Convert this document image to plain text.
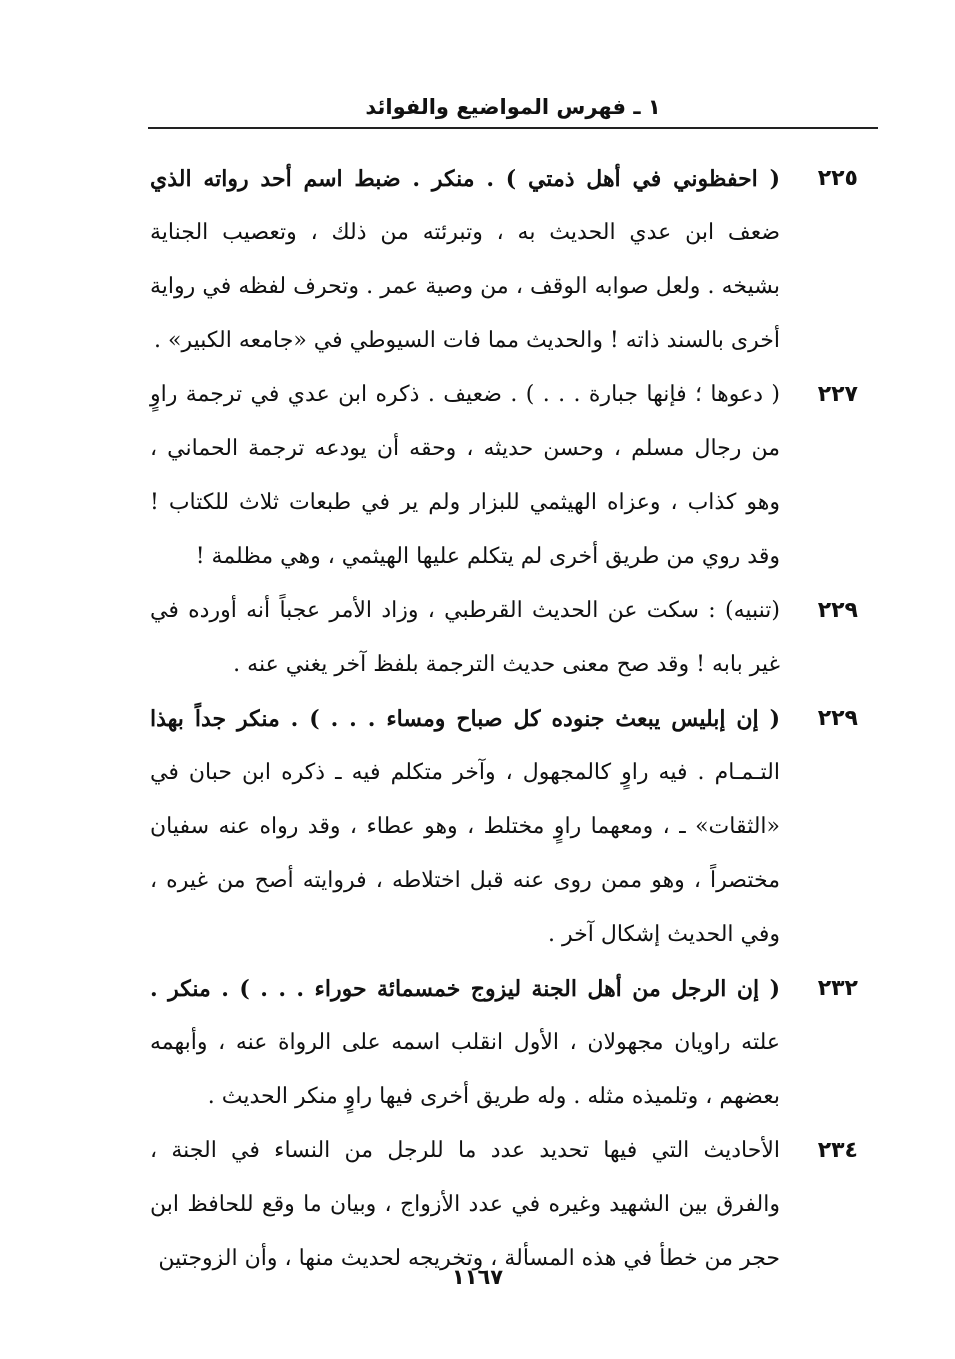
١ ـ فهرس المواضيع والفوائد
٢٢٥
( احفظوني في أهل ذمتي ) . منكر . ضبط اسم أحد رواته الذي
ضعف ابن عدي الحديث به ، وتبرئته من ذلك ، وتعصيب الجناية
بشيخه . ولعل صوابه الوقف ، من وصية عمر . وتحرف لفظه في رواية
أخرى بالسند ذاته ! والحديث مما فات السيوطي في «جامعه الكبير» .
٢٢٧
( دعوها ؛ فإنها جبارة . . . ) . ضعيف . ذكره ابن عدي في ترجمة راوٍ
من رجال مسلم ، وحسن حديثه ، وحقه أن يودعه ترجمة الحماني ،
وهو كذاب ، وعزاه الهيثمي للبزار ولم ير في طبعات ثلاث للكتاب !
وقد روي من طريق أخرى لم يتكلم عليها الهيثمي ، وهي مظلمة !
٢٢٩
(تنبيه) : سكت عن الحديث القرطبي ، وزاد الأمر عجباً أنه أورده في
غير بابه ! وقد صح معنى حديث الترجمة بلفظ آخر يغني عنه .
٢٢٩
( إن إبليس يبعث جنوده كل صباح ومساء . . . ) . منكر جداً بهذا
التـمـام . فيه راوٍ كالمجهول ، وآخر متكلم فيه ـ ذكره ابن حبان في
«الثقات» ـ ، ومعهما راوٍ مختلط ، وهو عطاء ، وقد رواه عنه سفيان
مختصراً ، وهو ممن روى عنه قبل اختلاطه ، فروايته أصح من غيره ،
وفي الحديث إشكال آخر .
٢٣٢
( إن الرجل من أهل الجنة ليزوج خمسمائة حوراء . . . ) . منكر .
علته راويان مجهولان ، الأول انقلب اسمه على الرواة عنه ، وأبهمه
بعضهم ، وتلميذه مثله . وله طريق أخرى فيها راوٍ منكر الحديث .
٢٣٤
الأحاديث التي فيها تحديد عدد ما للرجل من النساء في الجنة ،
والفرق بين الشهيد وغيره في عدد الأزواج ، وبيان ما وقع للحافظ ابن
حجر من خطأ في هذه المسألة ، وتخريجه لحديث منها ، وأن الزوجتين
١١٦٧
